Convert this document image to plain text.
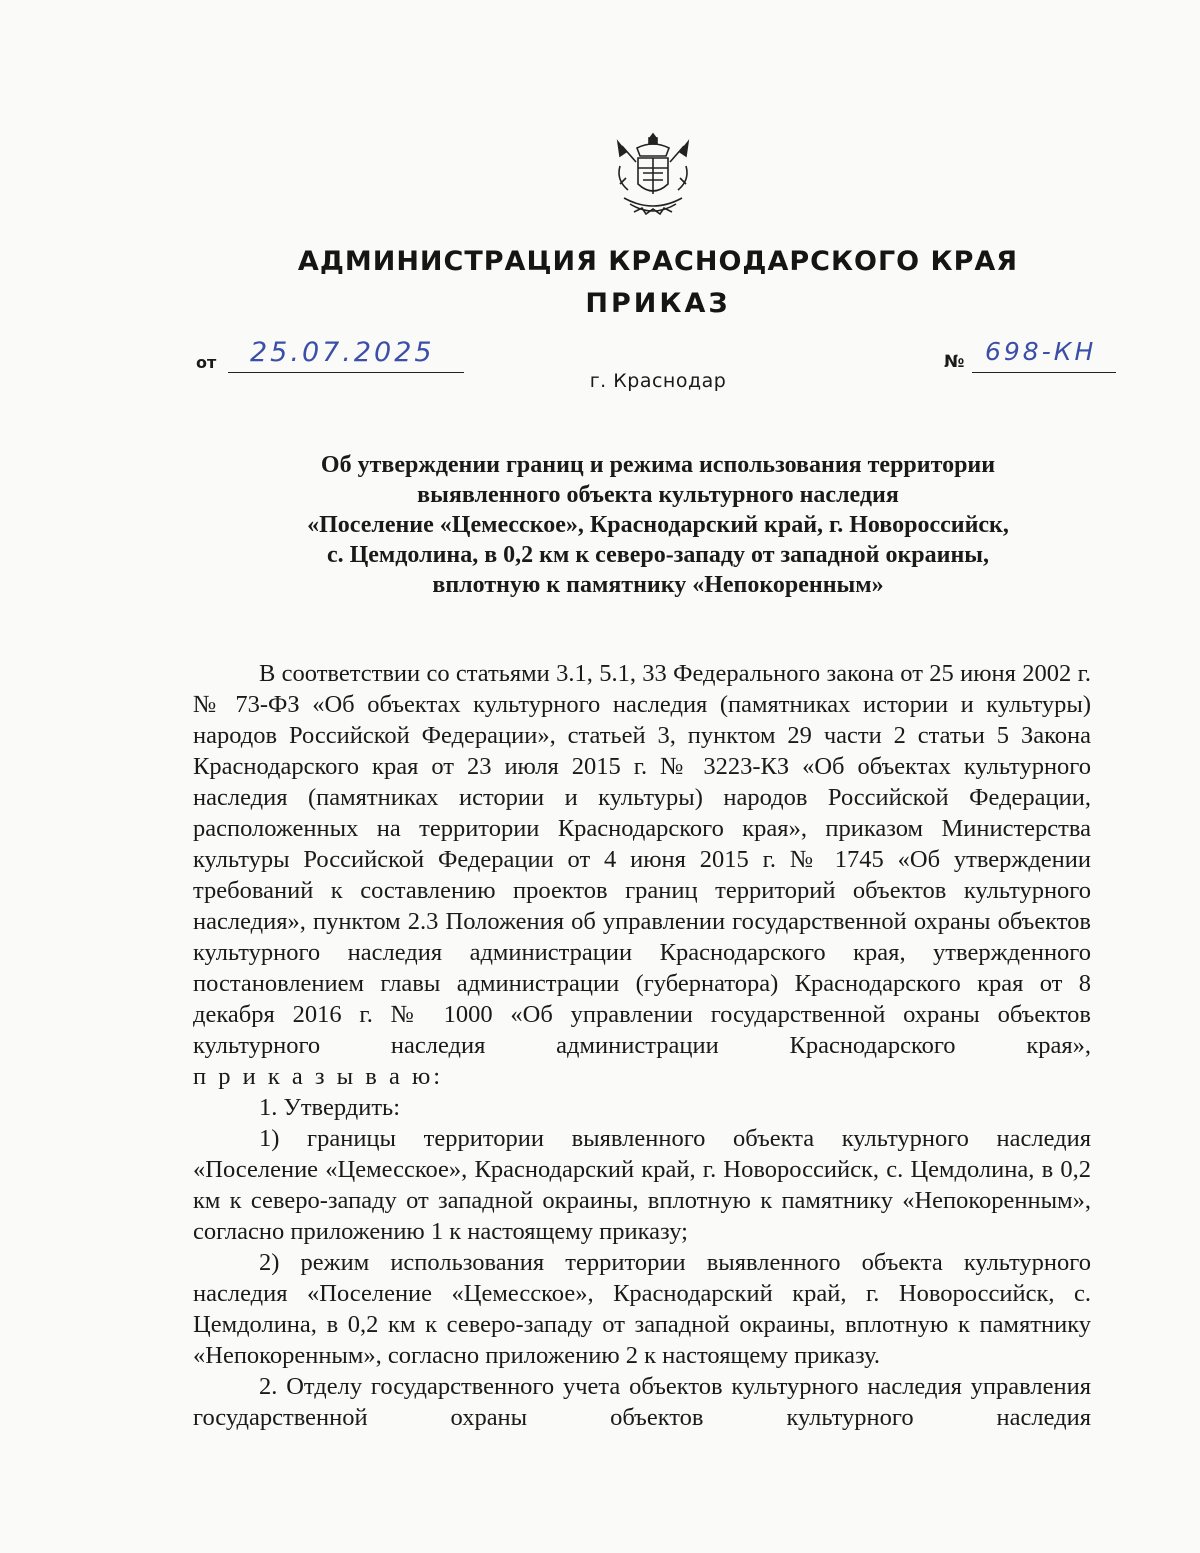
АДМИНИСТРАЦИЯ КРАСНОДАРСКОГО КРАЯ
ПРИКАЗ
от 25.07.2025	№ 698-КН
г. Краснодар
Об утверждении границ и режима использования территории
выявленного объекта культурного наследия
«Поселение «Цемесское», Краснодарский край, г. Новороссийск,
с. Цемдолина, в 0,2 км к северо-западу от западной окраины,
вплотную к памятнику «Непокоренным»

В соответствии со статьями 3.1, 5.1, 33 Федерального закона от 25 июня 2002 г. № 73-ФЗ «Об объектах культурного наследия (памятниках истории и культуры) народов Российской Федерации», статьей 3, пунктом 29 части 2 статьи 5 Закона Краснодарского края от 23 июля 2015 г. № 3223-КЗ «Об объектах культурного наследия (памятниках истории и культуры) народов Российской Федерации, расположенных на территории Краснодарского края», приказом Министерства культуры Российской Федерации от 4 июня 2015 г. № 1745 «Об утверждении требований к составлению проектов границ территорий объектов культурного наследия», пунктом 2.3 Положения об управлении государственной охраны объектов культурного наследия администрации Краснодарского края, утвержденного постановлением главы администрации (губернатора) Краснодарского края от 8 декабря 2016 г. № 1000 «Об управлении государственной охраны объектов культурного наследия администрации Краснодарского края»,

п р и к а з ы в а ю:

1. Утвердить:

1) границы территории выявленного объекта культурного наследия «Поселение «Цемесское», Краснодарский край, г. Новороссийск, с. Цемдолина, в 0,2 км к северо-западу от западной окраины, вплотную к памятнику «Непокоренным», согласно приложению 1 к настоящему приказу;

2) режим использования территории выявленного объекта культурного наследия «Поселение «Цемесское», Краснодарский край, г. Новороссийск, с. Цемдолина, в 0,2 км к северо-западу от западной окраины, вплотную к памятнику «Непокоренным», согласно приложению 2 к настоящему приказу.

2. Отделу государственного учета объектов культурного наследия управления государственной охраны объектов культурного наследия
